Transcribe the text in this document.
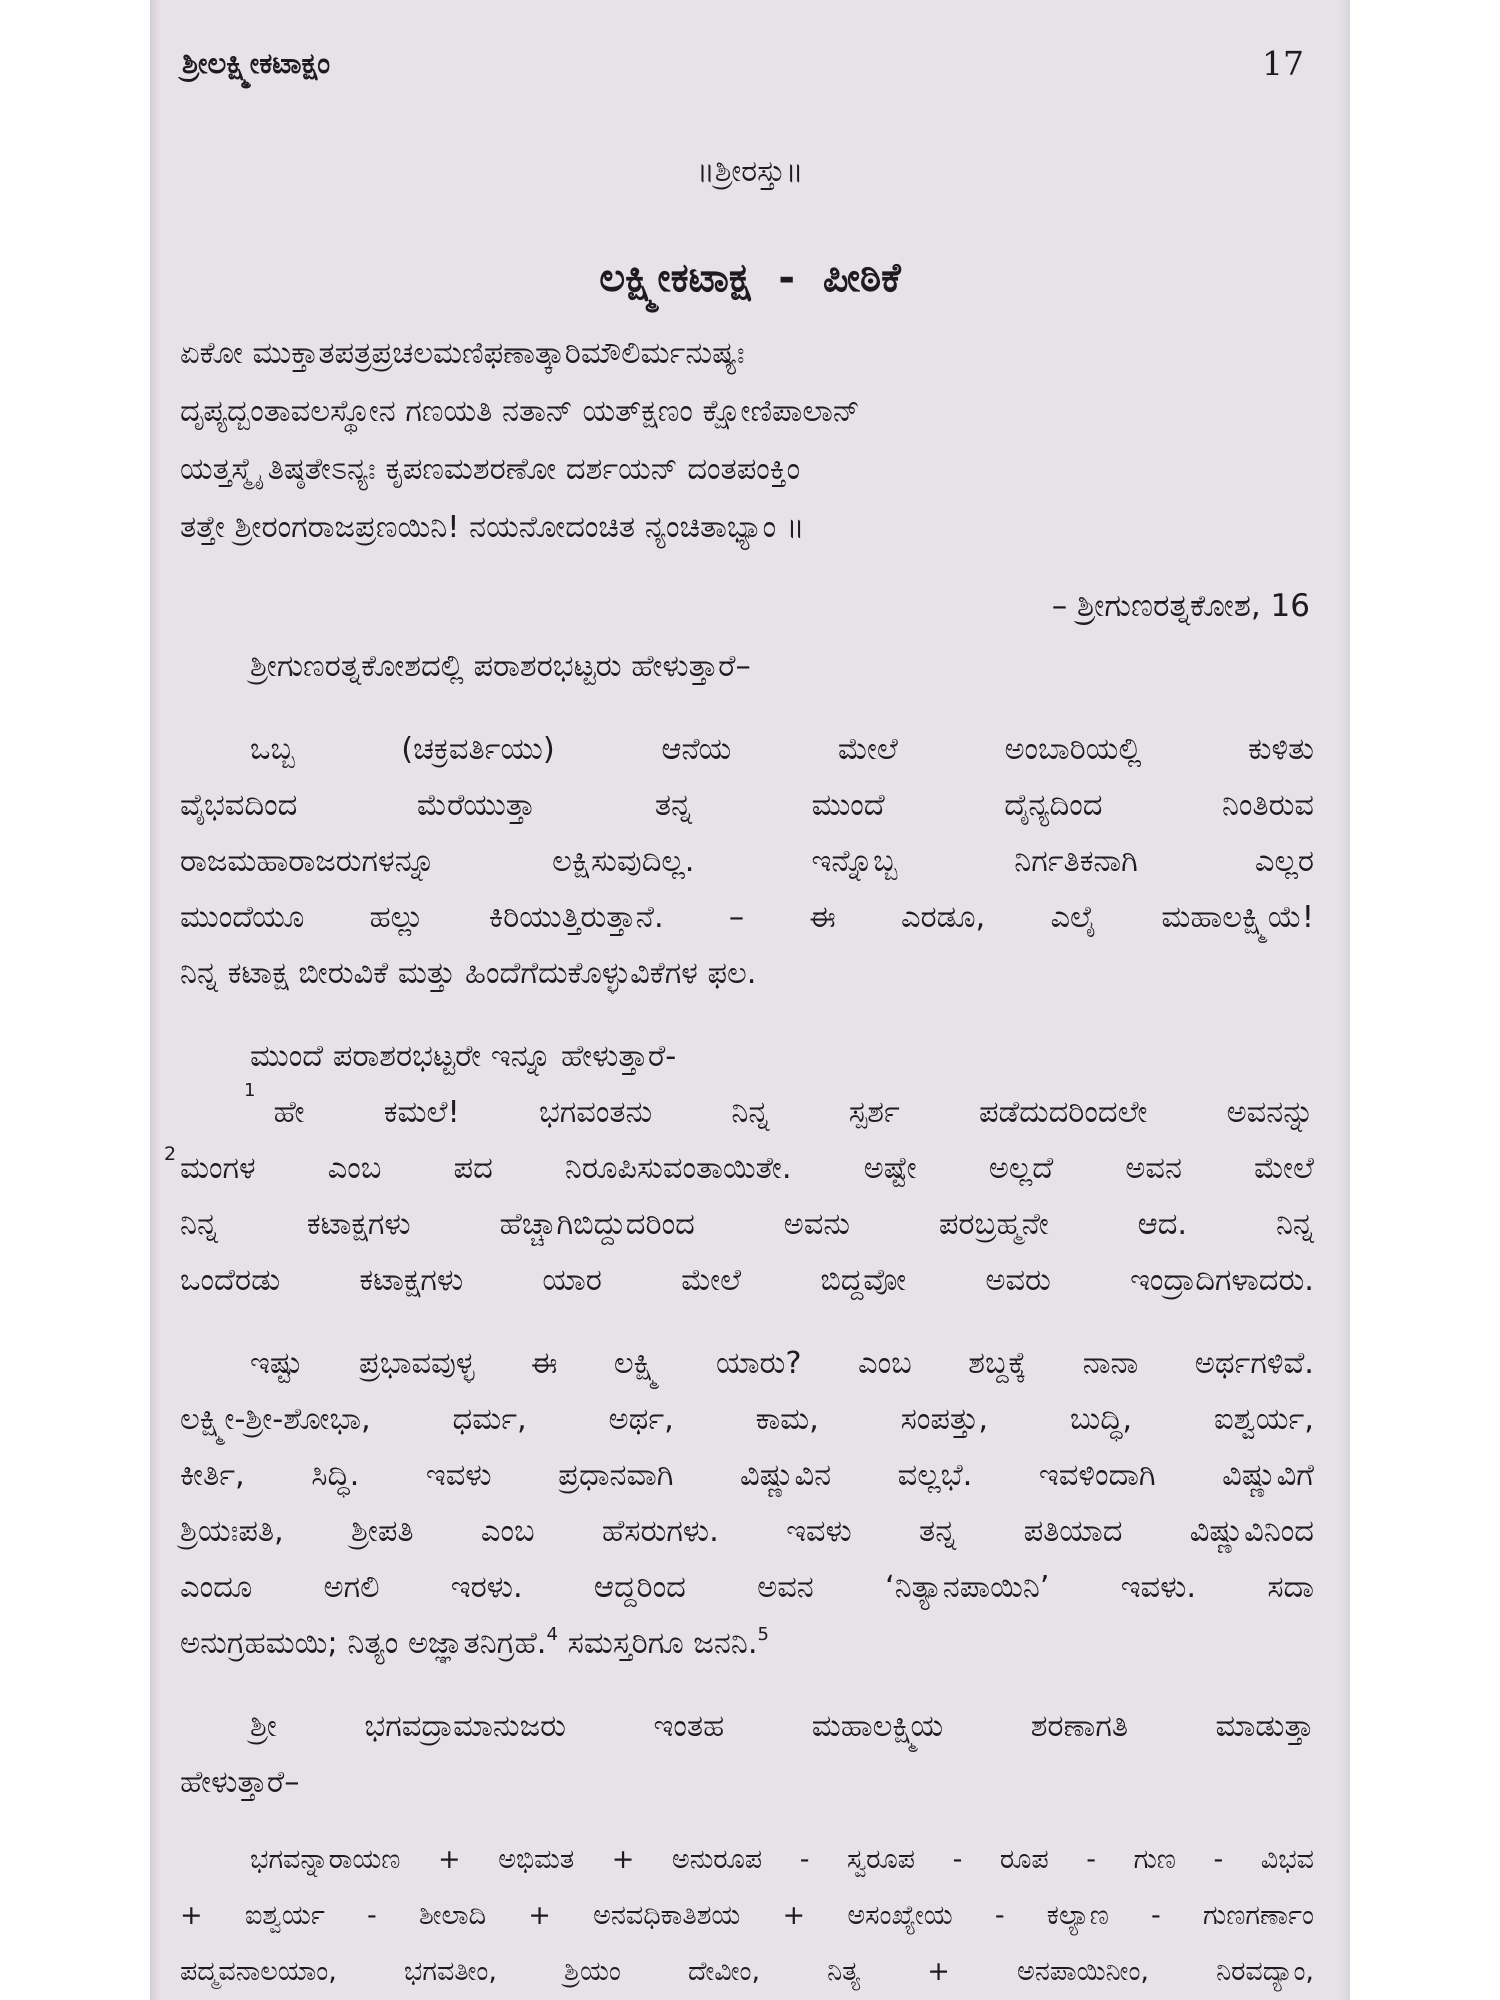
ಶ್ರೀಲಕ್ಷ್ಮೀಕಟಾಕ್ಷಂ	17
॥ಶ್ರೀರಸ್ತು॥
ಲಕ್ಷ್ಮೀಕಟಾಕ್ಷ  -  ಪೀಠಿಕೆ
ಏಕೋ ಮುಕ್ತಾತಪತ್ರಪ್ರಚಲಮಣಿಫಣಾತ್ಕಾರಿಮೌಲಿರ್ಮನುಷ್ಯಃ
ದೃಪ್ಯದ್ಬಂತಾವಲಸ್ಥೋನ ಗಣಯತಿ ನತಾನ್ ಯತ್‌ಕ್ಷಣಂ ಕ್ಷೋಣಿಪಾಲಾನ್
ಯತ್ತಸ್ಮೈ ತಿಷ್ಠತೇಽನ್ಯಃ ಕೃಪಣಮಶರಣೋ ದರ್ಶಯನ್ ದಂತಪಂಕ್ತಿಂ
ತತ್ತೇ ಶ್ರೀರಂಗರಾಜಪ್ರಣಯಿನಿ! ನಯನೋದಂಚಿತ ನ್ಯಂಚಿತಾಭ್ಯಾಂ ॥
– ಶ್ರೀಗುಣರತ್ನಕೋಶ, 16
ಶ್ರೀಗುಣರತ್ನಕೋಶದಲ್ಲಿ ಪರಾಶರಭಟ್ಟರು ಹೇಳುತ್ತಾರೆ–
ಒಬ್ಬ (ಚಕ್ರವರ್ತಿಯು) ಆನೆಯ ಮೇಲೆ ಅಂಬಾರಿಯಲ್ಲಿ ಕುಳಿತು
ವೈಭವದಿಂದ ಮೆರೆಯುತ್ತಾ ತನ್ನ ಮುಂದೆ ದೈನ್ಯದಿಂದ ನಿಂತಿರುವ
ರಾಜಮಹಾರಾಜರುಗಳನ್ನೂ ಲಕ್ಷಿಸುವುದಿಲ್ಲ. ಇನ್ನೊಬ್ಬ ನಿರ್ಗತಿಕನಾಗಿ ಎಲ್ಲರ
ಮುಂದೆಯೂ ಹಲ್ಲು ಕಿರಿಯುತ್ತಿರುತ್ತಾನೆ. – ಈ ಎರಡೂ, ಎಲೈ ಮಹಾಲಕ್ಷ್ಮಿಯೆ!
ನಿನ್ನ ಕಟಾಕ್ಷ ಬೀರುವಿಕೆ ಮತ್ತು ಹಿಂದೆಗೆದುಕೊಳ್ಳುವಿಕೆಗಳ ಫಲ.
ಮುಂದೆ ಪರಾಶರಭಟ್ಟರೇ ಇನ್ನೂ ಹೇಳುತ್ತಾರೆ-
$^1$
ಹೇ ಕಮಲೆ! ಭಗವಂತನು ನಿನ್ನ ಸ್ಪರ್ಶ ಪಡೆದುದರಿಂದಲೇ ಅವನನ್ನು
2 ಮಂಗಳ ಎಂಬ ಪದ ನಿರೂಪಿಸುವಂತಾಯಿತೇ. ಅಷ್ಟೇ ಅಲ್ಲದೆ ಅವನ ಮೇಲೆ
ನಿನ್ನ ಕಟಾಕ್ಷಗಳು ಹೆಚ್ಚಾಗಿಬಿದ್ದುದರಿಂದ ಅವನು ಪರಬ್ರಹ್ಮನೇ ಆದ. ನಿನ್ನ
ಒಂದೆರಡು ಕಟಾಕ್ಷಗಳು ಯಾರ ಮೇಲೆ ಬಿದ್ದವೋ ಅವರು ಇಂದ್ರಾದಿಗಳಾದರು.
ಇಷ್ಟು ಪ್ರಭಾವವುಳ್ಳ ಈ ಲಕ್ಷ್ಮಿ ಯಾರು? ಎಂಬ ಶಬ್ದಕ್ಕೆ ನಾನಾ ಅರ್ಥಗಳಿವೆ.
ಲಕ್ಷ್ಮೀ-ಶ್ರೀ-ಶೋಭಾ, ಧರ್ಮ, ಅರ್ಥ, ಕಾಮ, ಸಂಪತ್ತು, ಬುದ್ಧಿ, ಐಶ್ವರ್ಯ,
ಕೀರ್ತಿ, ಸಿದ್ಧಿ. ಇವಳು ಪ್ರಧಾನವಾಗಿ ವಿಷ್ಣುವಿನ ವಲ್ಲಭೆ. ಇವಳಿಂದಾಗಿ ವಿಷ್ಣುವಿಗೆ
ಶ್ರಿಯಃಪತಿ, ಶ್ರೀಪತಿ ಎಂಬ ಹೆಸರುಗಳು. ಇವಳು ತನ್ನ ಪತಿಯಾದ ವಿಷ್ಣುವಿನಿಂದ
ಎಂದೂ ಅಗಲಿ ಇರಳು. ಆದ್ದರಿಂದ ಅವನ ‘ನಿತ್ಯಾನಪಾಯಿನಿ’ ಇವಳು. ಸದಾ
ಅನುಗ್ರಹಮಯಿ; ನಿತ್ಯಂ ಅಜ್ಞಾತನಿಗ್ರಹೆ.$^4$ ಸಮಸ್ತರಿಗೂ ಜನನಿ.$^5$
ಶ್ರೀ ಭಗವದ್ರಾಮಾನುಜರು ಇಂತಹ ಮಹಾಲಕ್ಷ್ಮಿಯ ಶರಣಾಗತಿ ಮಾಡುತ್ತಾ
ಹೇಳುತ್ತಾರೆ–
ಭಗವನ್ನಾರಾಯಣ + ಅಭಿಮತ + ಅನುರೂಪ - ಸ್ವರೂಪ - ರೂಪ - ಗುಣ - ವಿಭವ
+ ಐಶ್ವರ್ಯ - ಶೀಲಾದಿ + ಅನವಧಿಕಾತಿಶಯ + ಅಸಂಖ್ಯೇಯ - ಕಲ್ಯಾಣ - ಗುಣಗರ್ಣಾಂ
ಪದ್ಮವನಾಲಯಾಂ, ಭಗವತೀಂ, ಶ್ರಿಯಂ ದೇವೀಂ, ನಿತ್ಯ + ಅನಪಾಯಿನೀಂ, ನಿರವದ್ಯಾಂ,
